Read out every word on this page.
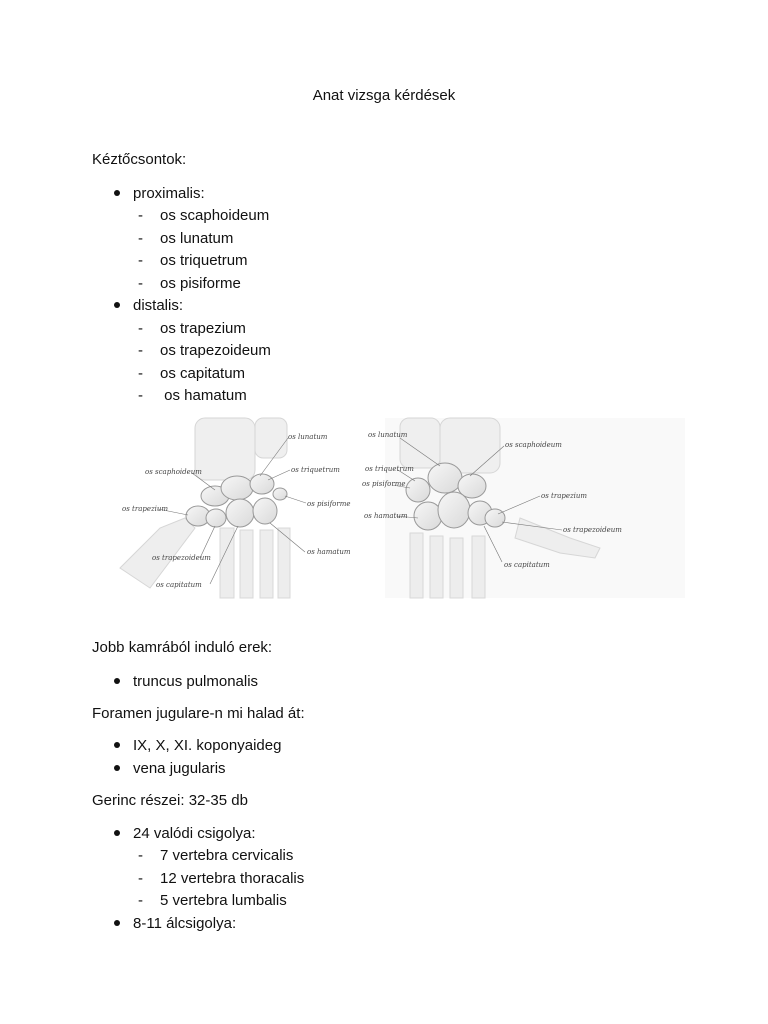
Anat vizsga kérdések
Kéztőcsontok:
proximalis:
- os scaphoideum
- os lunatum
- os triquetrum
- os pisiforme
distalis:
- os trapezium
- os trapezoideum
- os capitatum
- os hamatum
os lunatum
os scaphoideum	os triquetrum
os pisiforme
os trapezium
os trapezoideum
os hamatum
os capitatum
os lunatum
os scaphoideum
os triquetrum
os pisiforme
os trapezium
os hamatum
os trapezoideum
os capitatum
Jobb kamrából induló erek:
truncus pulmonalis
Foramen jugulare-n mi halad át:
IX, X, XI. koponyaideg
vena jugularis
Gerinc részei: 32-35 db
24 valódi csigolya:
- 7 vertebra cervicalis
- 12 vertebra thoracalis
- 5 vertebra lumbalis
8-11 álcsigolya:
